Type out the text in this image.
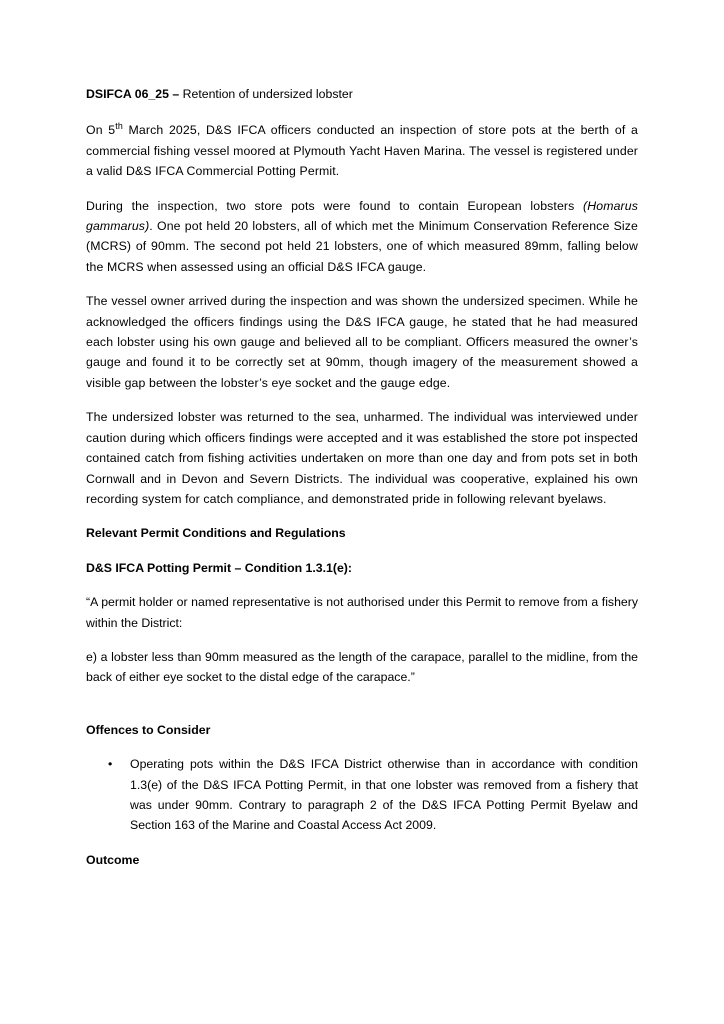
DSIFCA 06_25 – Retention of undersized lobster

On 5th March 2025, D&S IFCA officers conducted an inspection of store pots at the berth of a commercial fishing vessel moored at Plymouth Yacht Haven Marina. The vessel is registered under a valid D&S IFCA Commercial Potting Permit.

During the inspection, two store pots were found to contain European lobsters (Homarus gammarus). One pot held 20 lobsters, all of which met the Minimum Conservation Reference Size (MCRS) of 90mm. The second pot held 21 lobsters, one of which measured 89mm, falling below the MCRS when assessed using an official D&S IFCA gauge.

The vessel owner arrived during the inspection and was shown the undersized specimen. While he acknowledged the officers findings using the D&S IFCA gauge, he stated that he had measured each lobster using his own gauge and believed all to be compliant. Officers measured the owner’s gauge and found it to be correctly set at 90mm, though imagery of the measurement showed a visible gap between the lobster’s eye socket and the gauge edge.

The undersized lobster was returned to the sea, unharmed. The individual was interviewed under caution during which officers findings were accepted and it was established the store pot inspected contained catch from fishing activities undertaken on more than one day and from pots set in both Cornwall and in Devon and Severn Districts. The individual was cooperative, explained his own recording system for catch compliance, and demonstrated pride in following relevant byelaws.

Relevant Permit Conditions and Regulations
D&S IFCA Potting Permit – Condition 1.3.1(e):

“A permit holder or named representative is not authorised under this Permit to remove from a fishery within the District:

e) a lobster less than 90mm measured as the length of the carapace, parallel to the midline, from the back of either eye socket to the distal edge of the carapace.”

Offences to Consider
• Operating pots within the D&S IFCA District otherwise than in accordance with condition 1.3(e) of the D&S IFCA Potting Permit, in that one lobster was removed from a fishery that was under 90mm. Contrary to paragraph 2 of the D&S IFCA Potting Permit Byelaw and Section 163 of the Marine and Coastal Access Act 2009.
Outcome
